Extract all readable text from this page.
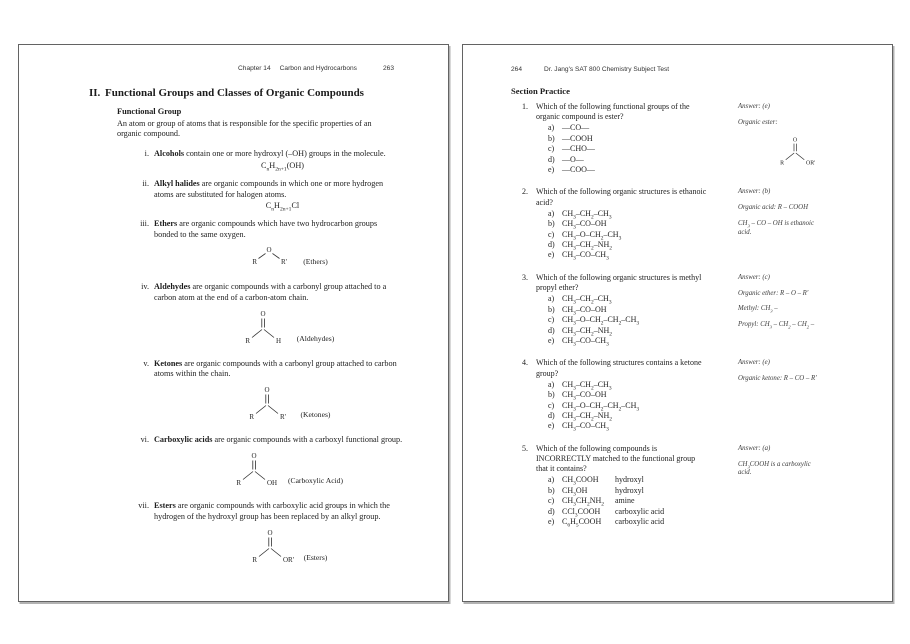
Chapter 14 Carbon and Hydrocarbons	263
II. Functional Groups and Classes of Organic Compounds
Functional Group
An atom or group of atoms that is responsible for the specific properties of an
organic compound.
i. Alcohols contain one or more hydroxyl (–OH) groups in the molecule.
$C_nH_{2n+1}(OH)$
ii. Alkyl halides are organic compounds in which one or more hydrogen
atoms are substituted for halogen atoms.
$C_nH_{2n+1}Cl$
iii. Ethers are organic compounds which have two hydrocarbon groups
bonded to the same oxygen.
O
R	R' (Ethers)
iv. Aldehydes are organic compounds with a carbonyl group attached to a
carbon atom at the end of a carbon-atom chain.
O
R	H (Aldehydes)
v. Ketones are organic compounds with a carbonyl group attached to carbon
atoms within the chain.
O
R	R' (Ketones)
vi. Carboxylic acids are organic compounds with a carboxyl functional group.
O
R	OH (Carboxylic Acid)
vii. Esters are organic compounds with carboxylic acid groups in which the
hydrogen of the hydroxyl group has been replaced by an alkyl group.
O
R	OR' (Esters)
264	Dr. Jang's SAT 800 Chemistry Subject Test
Section Practice
1.	Which of the following functional groups of the
organic compound is ester?
a) —CO—
b) —COOH
c) —CHO—
d) —O—
e) —COO—
Answer: (e)
Organic ester:
O
R	OR'
2.	Which of the following organic structures is ethanoic
acid?
a) $CH_3-CH_2-CH_3$
b) $CH_3-CO-OH$
c) $CH_3-O-CH_2-CH_3$
d) $CH_3-CH_2-NH_2$
e) $CH_3-CO-CH_3$
Answer: (b)
Organic acid: R – COOH
$CH_3$ – CO – OH is ethanoic
acid.
3.	Which of the following organic structures is methyl
propyl ether?
a) $CH_3-CH_2-CH_3$
b) $CH_3-CO-OH$
c) $CH_3-O-CH_2-CH_2-CH_3$
d) $CH_3-CH_2-NH_2$
e) $CH_3-CO-CH_3$
Answer: (c)
Organic ether: R – O – R'
Methyl: $CH_3$ –
Propyl: $CH_3 - CH_2 - CH_2$ –
4.	Which of the following structures contains a ketone
group?
a) $CH_3-CH_2-CH_3$
b) $CH_3-CO-OH$
c) $CH_3-O-CH_2-CH_2-CH_3$
d) $CH_3-CH_2-NH_2$
e) $CH_3-CO-CH_3$
Answer: (e)
Organic ketone: R – CO – R'
5.	Which of the following compounds is
INCORRECTLY matched to the functional group
that it contains?
a) $CH_3COOH$	hydroxyl
b) $CH_3OH$	hydroxyl
c) $CH_3CH_2NH_2$	amine
d) CCl$_3$COOH	carboxylic acid
e) $C_6H_5COOH$	carboxylic acid
Answer: (a)
$CH_3COOH$ is a carboxylic
acid.
